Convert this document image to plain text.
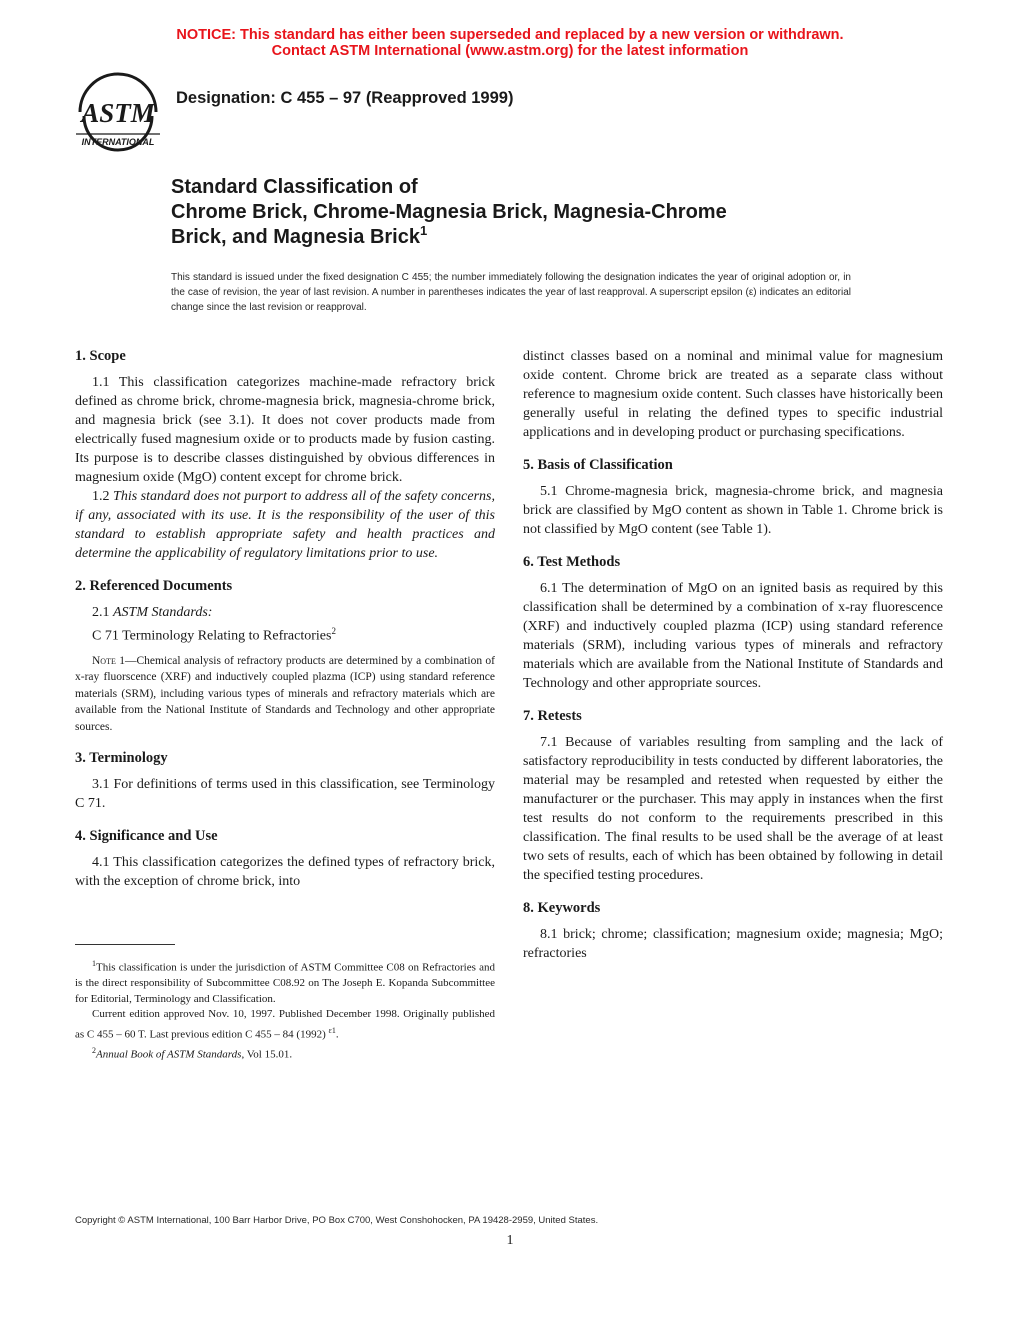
NOTICE: This standard has either been superseded and replaced by a new version or withdrawn.
Contact ASTM International (www.astm.org) for the latest information
ASTM
INTERNATIONAL
Designation: C 455 – 97 (Reapproved 1999)
Standard Classification of
Chrome Brick, Chrome-Magnesia Brick, Magnesia-Chrome
Brick, and Magnesia Brick$^1$
This standard is issued under the fixed designation C 455; the number immediately following the designation indicates the year of original adoption or, in the case of revision, the year of last revision. A number in parentheses indicates the year of last reapproval. A superscript epsilon (ε) indicates an editorial change since the last revision or reapproval.
1. Scope

1.1 This classification categorizes machine-made refractory brick defined as chrome brick, chrome-magnesia brick, magnesia-chrome brick, and magnesia brick (see 3.1). It does not cover products made from electrically fused magnesium oxide or to products made by fusion casting. Its purpose is to describe classes distinguished by obvious differences in magnesium oxide (MgO) content except for chrome brick.

1.2 This standard does not purport to address all of the safety concerns, if any, associated with its use. It is the responsibility of the user of this standard to establish appropriate safety and health practices and determine the applicability of regulatory limitations prior to use.

2. Referenced Documents

2.1 ASTM Standards:

C 71 Terminology Relating to Refractories$^2$

Note 1—Chemical analysis of refractory products are determined by a combination of x-ray fluorscence (XRF) and inductively coupled plazma (ICP) using standard reference materials (SRM), including various types of minerals and refractory materials which are available from the National Institute of Standards and Technology and other appropriate sources.

3. Terminology

3.1 For definitions of terms used in this classification, see Terminology C 71.

4. Significance and Use

4.1 This classification categorizes the defined types of refractory brick, with the exception of chrome brick, into

$^1$This classification is under the jurisdiction of ASTM Committee C08 on Refractories and is the direct responsibility of Subcommittee C08.92 on The Joseph E. Kopanda Subcommittee for Editorial, Terminology and Classification.

Current edition approved Nov. 10, 1997. Published December 1998. Originally published as C 455 – 60 T. Last previous edition C 455 – 84 (1992) $^{\varepsilon 1}$.

$^2$Annual Book of ASTM Standards, Vol 15.01.

distinct classes based on a nominal and minimal value for magnesium oxide content. Chrome brick are treated as a separate class without reference to magnesium oxide content. Such classes have historically been generally useful in relating the defined types to specific industrial applications and in developing product or purchasing specifications.

5. Basis of Classification

5.1 Chrome-magnesia brick, magnesia-chrome brick, and magnesia brick are classified by MgO content as shown in Table 1. Chrome brick is not classified by MgO content (see Table 1).

6. Test Methods

6.1 The determination of MgO on an ignited basis as required by this classification shall be determined by a combination of x-ray fluorescence (XRF) and inductively coupled plazma (ICP) using standard reference materials (SRM), including various types of minerals and refractory materials which are available from the National Institute of Standards and Technology and other appropriate sources.

7. Retests

7.1 Because of variables resulting from sampling and the lack of satisfactory reproducibility in tests conducted by different laboratories, the material may be resampled and retested when requested by either the manufacturer or the purchaser. This may apply in instances when the first test results do not conform to the requirements prescribed in this classification. The final results to be used shall be the average of at least two sets of results, each of which has been obtained by following in detail the specified testing procedures.

8. Keywords

8.1 brick; chrome; classification; magnesium oxide; magnesia; MgO; refractories

Copyright © ASTM International, 100 Barr Harbor Drive, PO Box C700, West Conshohocken, PA 19428-2959, United States.
1
